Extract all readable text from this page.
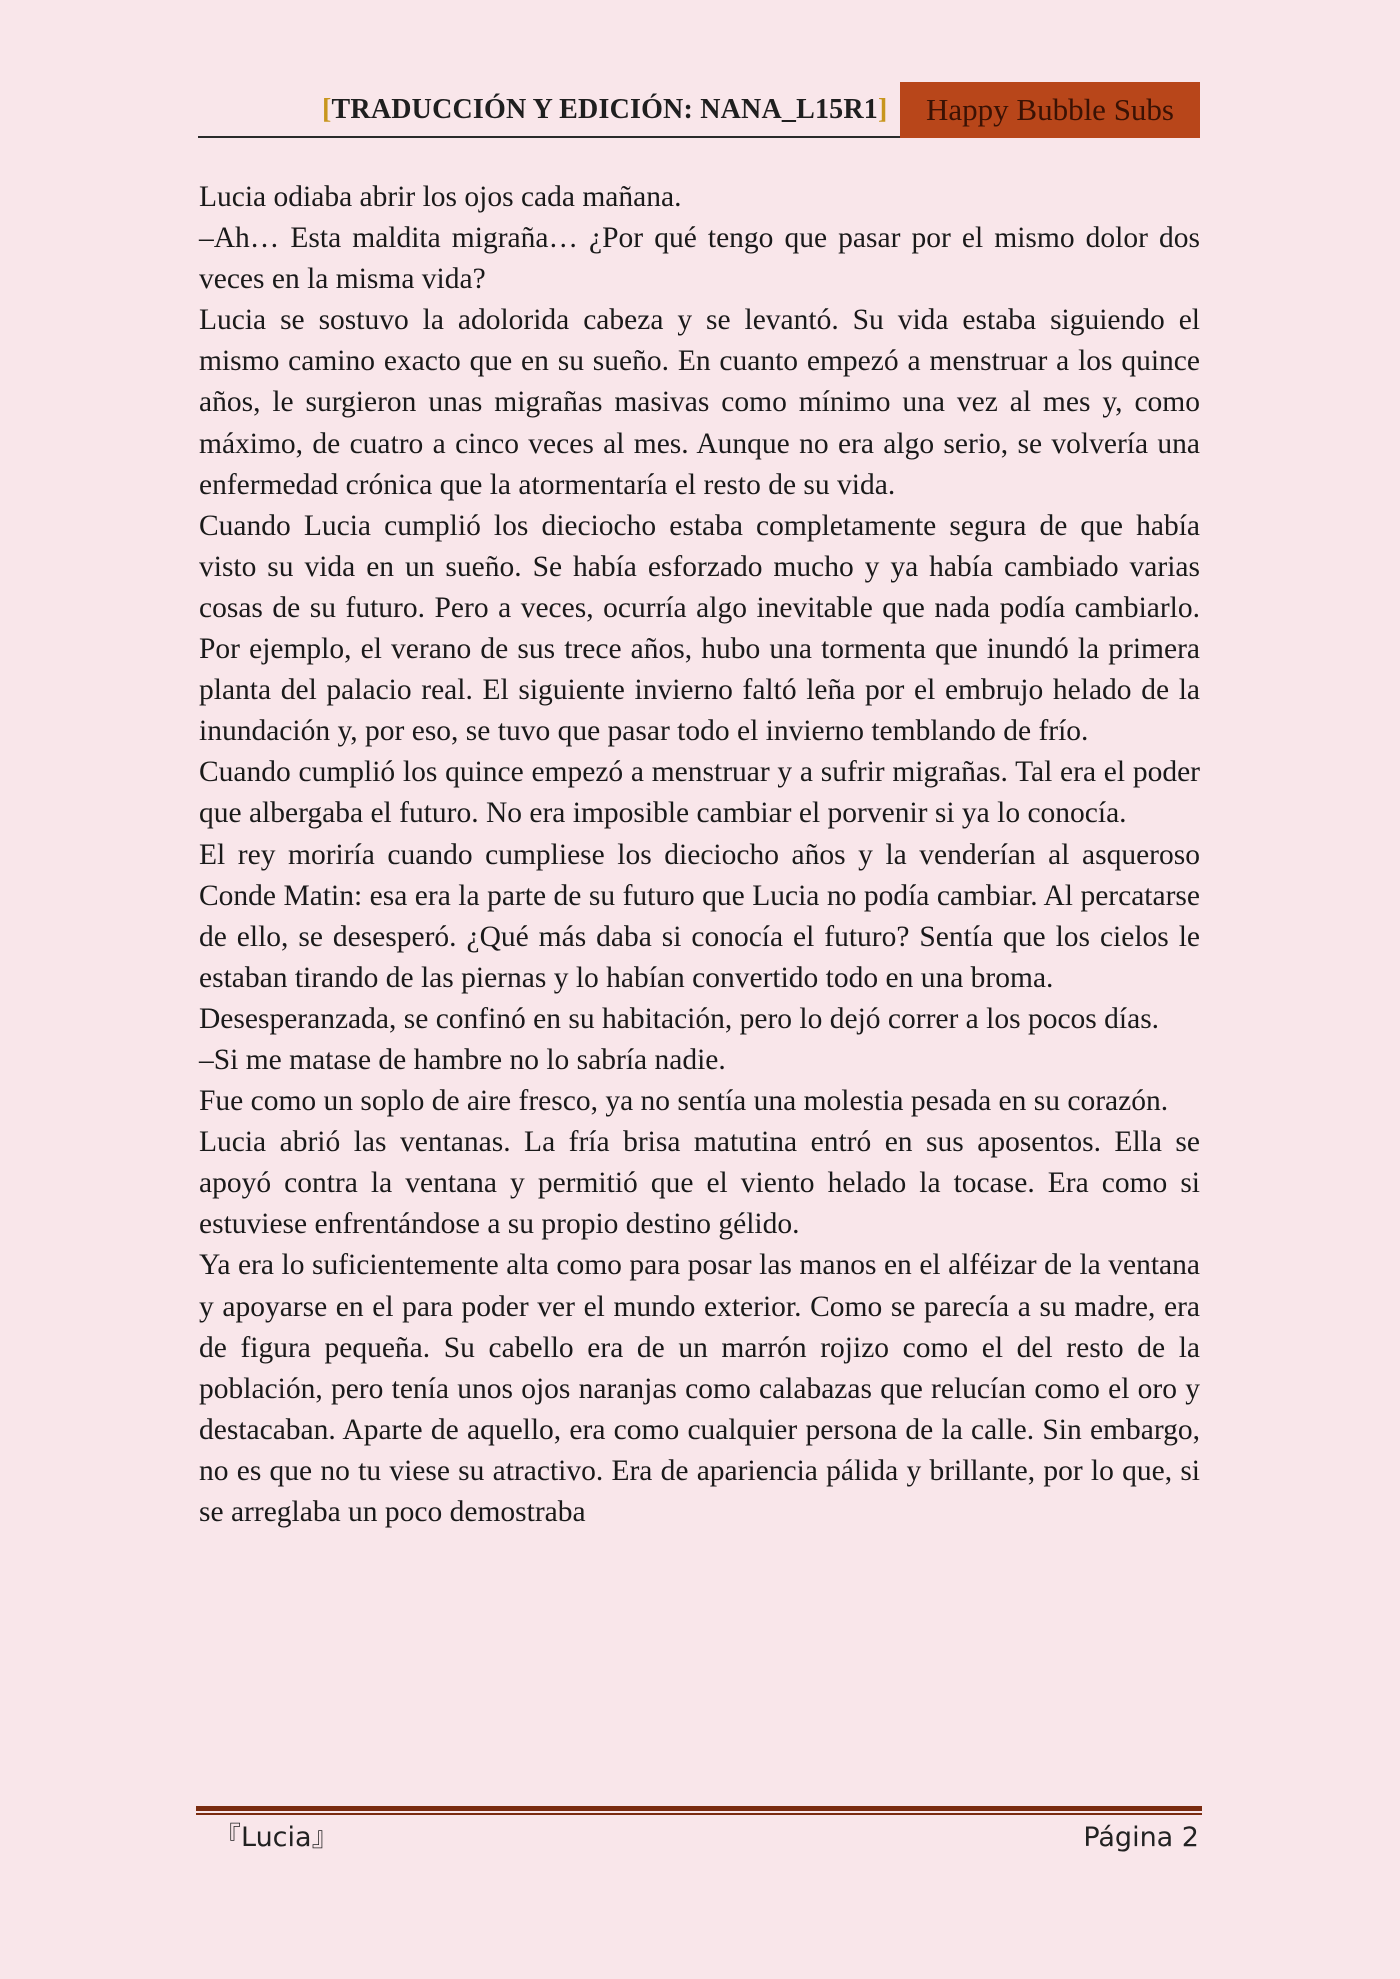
[TRADUCCIÓN Y EDICIÓN: NANA_L15R1]	Happy Bubble Subs

Lucia odiaba abrir los ojos cada mañana.

–Ah… Esta maldita migraña… ¿Por qué tengo que pasar por el mismo dolor dos veces en la misma vida?

Lucia se sostuvo la adolorida cabeza y se levantó. Su vida estaba siguiendo el mismo camino exacto que en su sueño. En cuanto empezó a menstruar a los quince años, le surgieron unas migrañas masivas como mínimo una vez al mes y, como máximo, de cuatro a cinco veces al mes. Aunque no era algo serio, se volvería una enfermedad crónica que la atormentaría el resto de su vida.

Cuando Lucia cumplió los dieciocho estaba completamente segura de que había visto su vida en un sueño. Se había esforzado mucho y ya había cambiado varias cosas de su futuro. Pero a veces, ocurría algo inevitable que nada podía cambiarlo. Por ejemplo, el verano de sus trece años, hubo una tormenta que inundó la primera planta del palacio real. El siguiente invierno faltó leña por el embrujo helado de la inundación y, por eso, se tuvo que pasar todo el invierno temblando de frío.

Cuando cumplió los quince empezó a menstruar y a sufrir migrañas. Tal era el poder que albergaba el futuro. No era imposible cambiar el porvenir si ya lo conocía.

El rey moriría cuando cumpliese los dieciocho años y la venderían al asqueroso Conde Matin: esa era la parte de su futuro que Lucia no podía cambiar. Al percatarse de ello, se desesperó. ¿Qué más daba si conocía el futuro? Sentía que los cielos le estaban tirando de las piernas y lo habían convertido todo en una broma.

Desesperanzada, se confinó en su habitación, pero lo dejó correr a los pocos días.

–Si me matase de hambre no lo sabría nadie.

Fue como un soplo de aire fresco, ya no sentía una molestia pesada en su corazón.

Lucia abrió las ventanas. La fría brisa matutina entró en sus aposentos. Ella se apoyó contra la ventana y permitió que el viento helado la tocase. Era como si estuviese enfrentándose a su propio destino gélido.

Ya era lo suficientemente alta como para posar las manos en el alféizar de la ventana y apoyarse en el para poder ver el mundo exterior. Como se parecía a su madre, era de figura pequeña. Su cabello era de un marrón rojizo como el del resto de la población, pero tenía unos ojos naranjas como calabazas que relucían como el oro y destacaban. Aparte de aquello, era como cualquier persona de la calle. Sin embargo, no es que no tu viese su atractivo. Era de apariencia pálida y brillante, por lo que, si se arreglaba un poco demostraba

『Lucia』	Página 2
